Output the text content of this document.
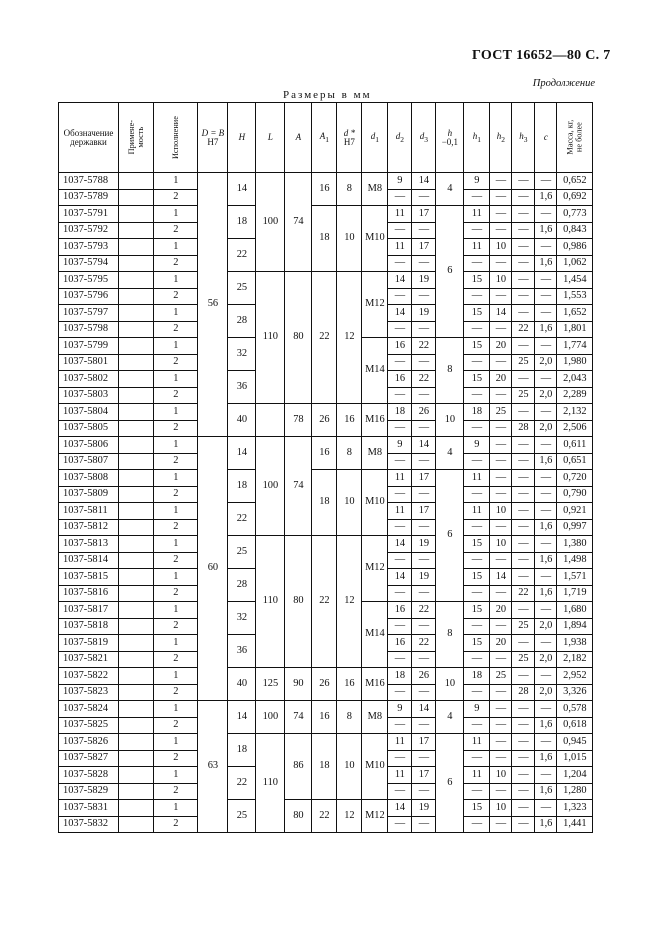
ГОСТ 16652—80 С. 7
Продолжение
Размеры в мм
Обозначение державки	Примене-
мость	Исполнение	D = B
H7	H	L	A	$A_1$	d *
H7	$d_1$	$d_2$	$d_3$	h
−0,1	$h_1$	$h_2$	$h_3$	c	Масса, кг,
не более
1037-5788		1	56	14	100	74	16	8	M8	9	14	4	9	—	—	—	0,652
1037-5789		2								—	—		—	—	—	1,6	0,692
1037-5791		1		18			18	10	M10	11	17	6	11	—	—	—	0,773
1037-5792		2								—	—		—	—	—	1,6	0,843
1037-5793		1		22						11	17		11	10	—	—	0,986
1037-5794		2								—	—		—	—	—	1,6	1,062
1037-5795		1		25	110	80	22	12	M12	14	19		15	10	—	—	1,454
1037-5796		2								—	—		—	—	—	—	1,553
1037-5797		1		28						14	19		15	14	—	—	1,652
1037-5798		2								—	—		—	—	22	1,6	1,801
1037-5799		1		32					M14	16	22	8	15	20	—	—	1,774
1037-5801		2								—	—		—	—	25	2,0	1,980
1037-5802		1		36						16	22		15	20	—	—	2,043
1037-5803		2								—	—		—	—	25	2,0	2,289
1037-5804		1		40		78	26	16	M16	18	26	10	18	25	—	—	2,132
1037-5805		2								—	—		—	—	28	2,0	2,506
1037-5806		1	60	14	100	74	16	8	M8	9	14	4	9	—	—	—	0,611
1037-5807		2								—	—		—	—	—	1,6	0,651
1037-5808		1		18			18	10	M10	11	17	6	11	—	—	—	0,720
1037-5809		2								—	—		—	—	—	—	0,790
1037-5811		1		22						11	17		11	10	—	—	0,921
1037-5812		2								—	—		—	—	—	1,6	0,997
1037-5813		1		25	110	80	22	12	M12	14	19		15	10	—	—	1,380
1037-5814		2								—	—		—	—	—	1,6	1,498
1037-5815		1		28						14	19		15	14	—	—	1,571
1037-5816		2								—	—		—	—	22	1,6	1,719
1037-5817		1		32					M14	16	22	8	15	20	—	—	1,680
1037-5818		2								—	—		—	—	25	2,0	1,894
1037-5819		1		36						16	22		15	20	—	—	1,938
1037-5821		2								—	—		—	—	25	2,0	2,182
1037-5822		1		40	125	90	26	16	M16	18	26	10	18	25	—	—	2,952
1037-5823		2								—	—		—	—	28	2,0	3,326
1037-5824		1	63	14	100	74	16	8	M8	9	14	4	9	—	—	—	0,578
1037-5825		2								—	—		—	—	—	1,6	0,618
1037-5826		1		18	110	86	18	10	M10	11	17	6	11	—	—	—	0,945
1037-5827		2								—	—		—	—	—	1,6	1,015
1037-5828		1		22						11	17		11	10	—	—	1,204
1037-5829		2								—	—		—	—	—	1,6	1,280
1037-5831		1		25		80	22	12	M12	14	19		15	10	—	—	1,323
1037-5832		2								—	—		—	—	—	1,6	1,441
